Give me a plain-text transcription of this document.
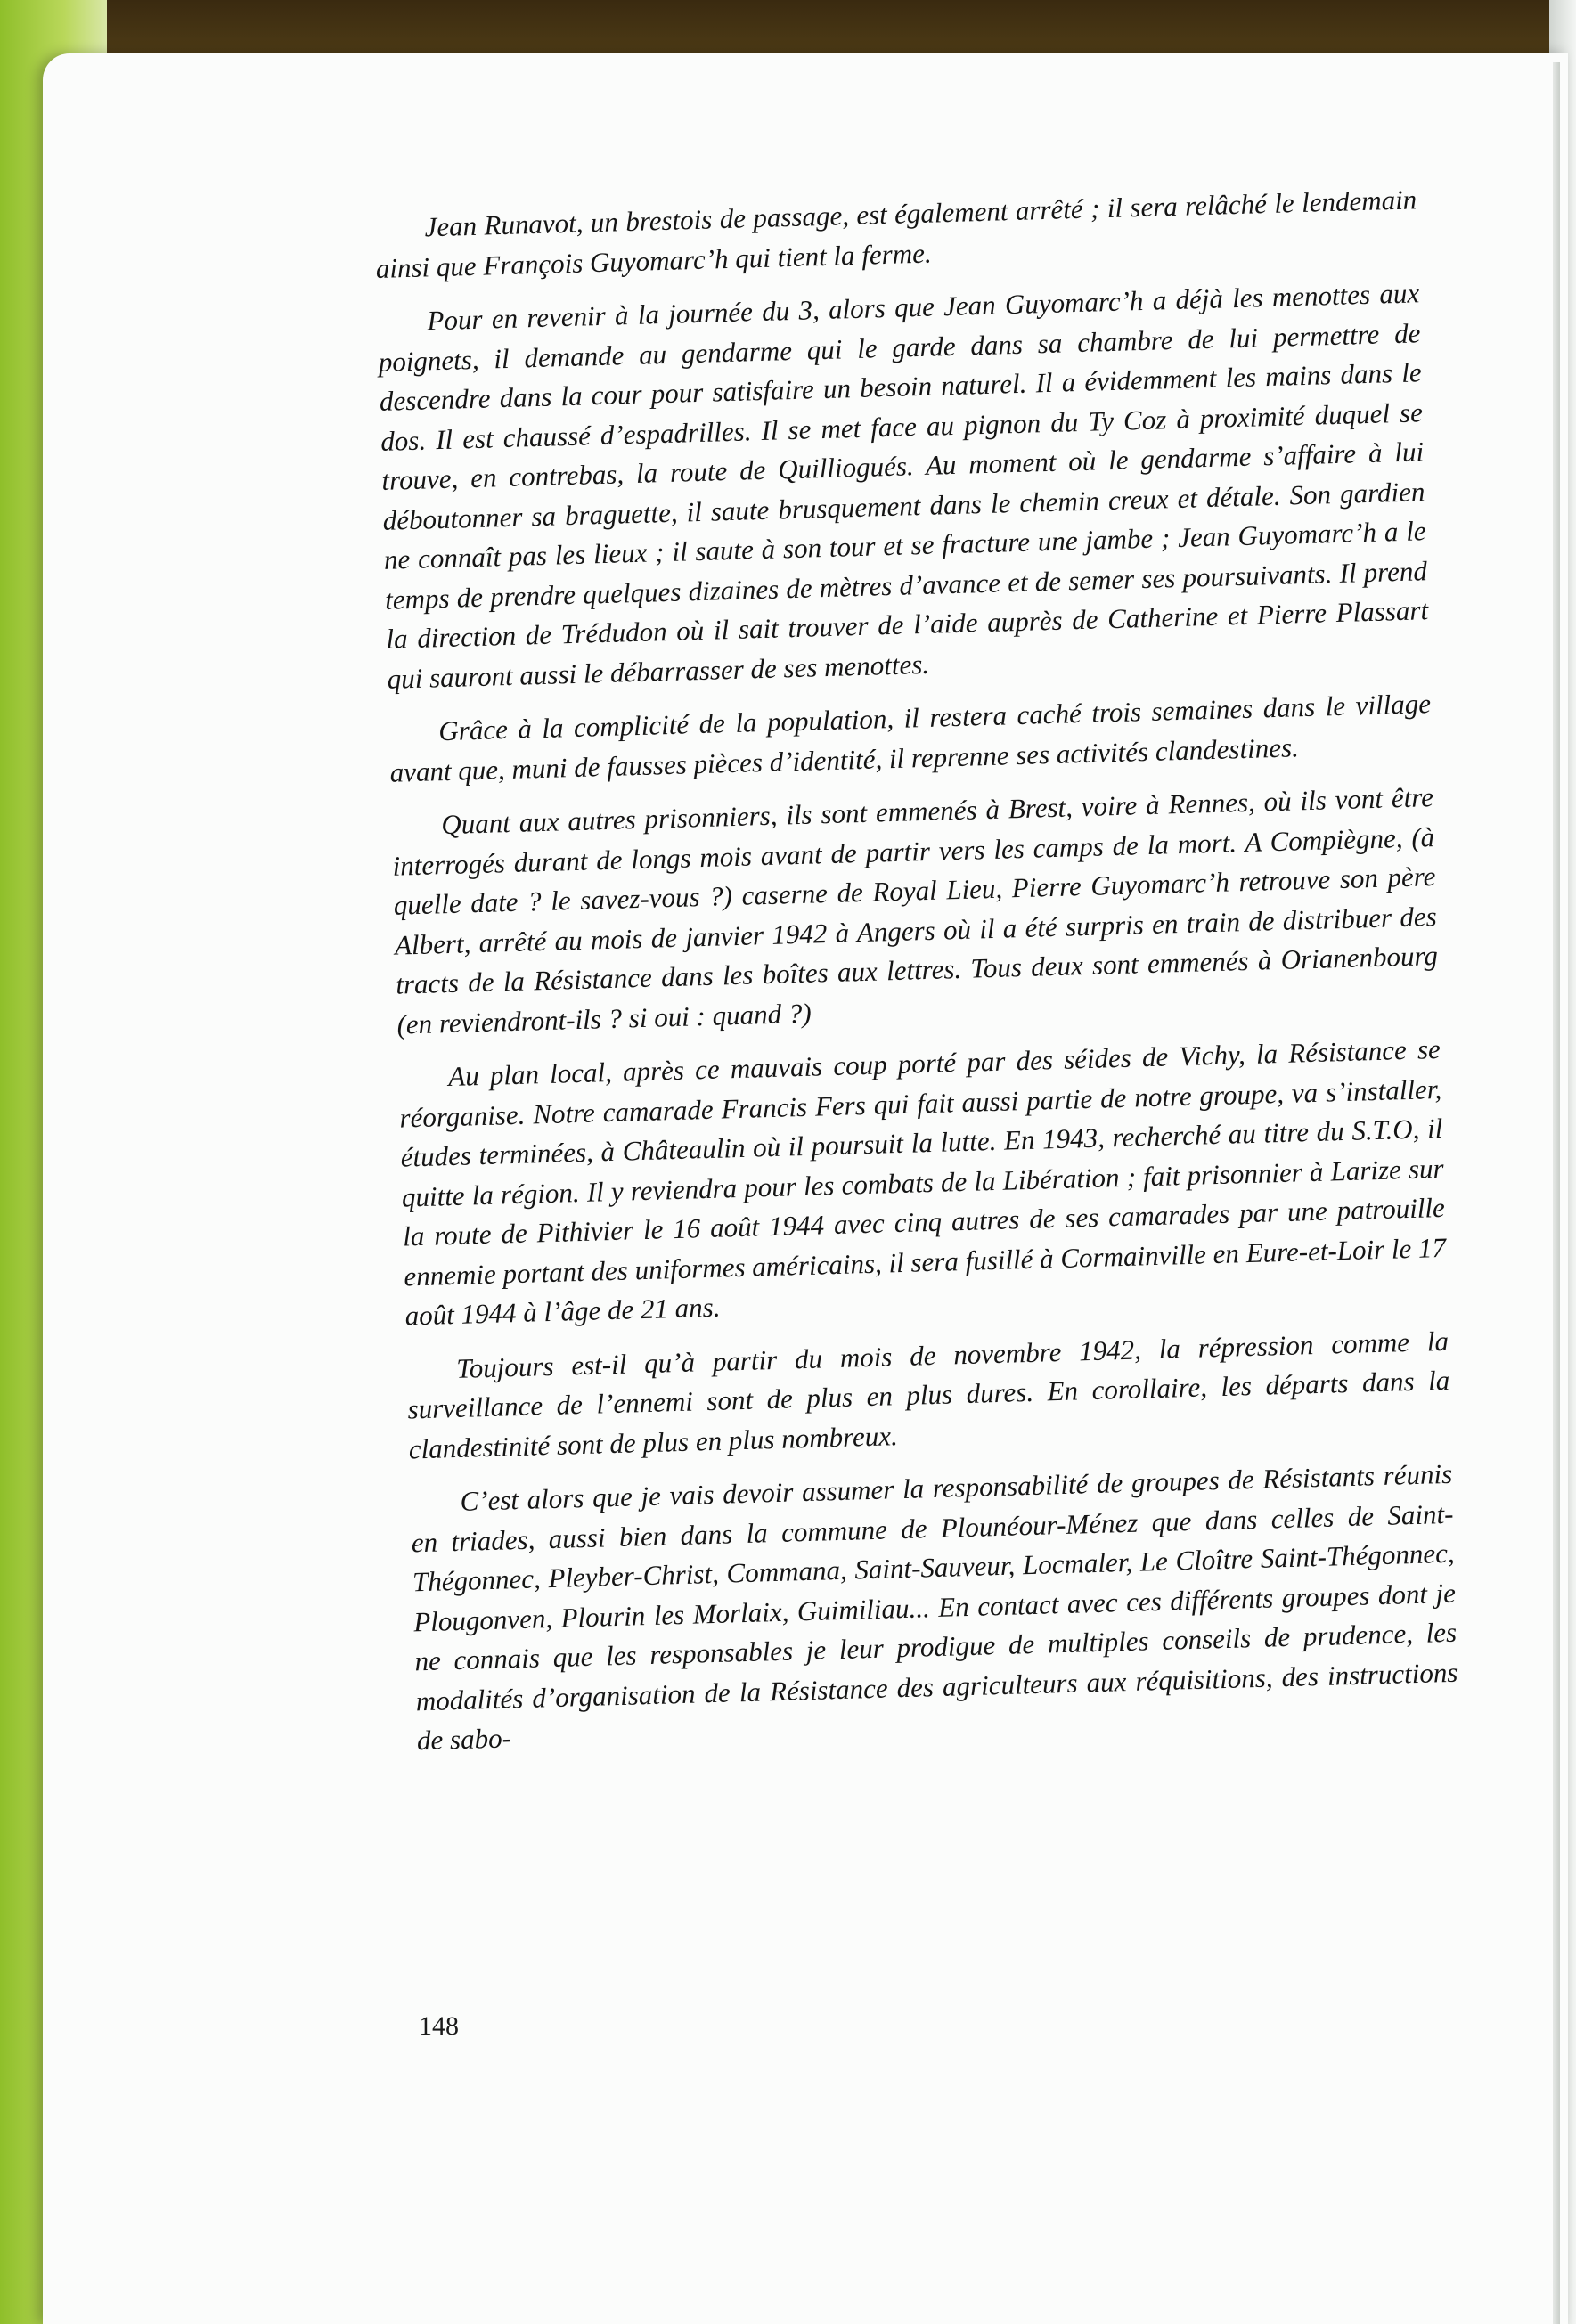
Jean Runavot, un brestois de passage, est également arrêté ; il sera relâché le lendemain ainsi que François Guyomarc’h qui tient la ferme.

Pour en revenir à la journée du 3, alors que Jean Guyomarc’h a déjà les menottes aux poignets, il demande au gendarme qui le garde dans sa chambre de lui permettre de descendre dans la cour pour satisfaire un besoin naturel. Il a évidemment les mains dans le dos. Il est chaussé d’espadrilles. Il se met face au pignon du Ty Coz à proximité duquel se trouve, en contrebas, la route de Quilliogués. Au moment où le gendarme s’affaire à lui déboutonner sa braguette, il saute brusquement dans le chemin creux et détale. Son gardien ne connaît pas les lieux ; il saute à son tour et se fracture une jambe ; Jean Guyomarc’h a le temps de prendre quelques dizaines de mètres d’avance et de semer ses poursuivants. Il prend la direction de Trédudon où il sait trouver de l’aide auprès de Catherine et Pierre Plassart qui sauront aussi le débarrasser de ses menottes.

Grâce à la complicité de la population, il restera caché trois semaines dans le village avant que, muni de fausses pièces d’identité, il reprenne ses activités clandestines.

Quant aux autres prisonniers, ils sont emmenés à Brest, voire à Rennes, où ils vont être interrogés durant de longs mois avant de partir vers les camps de la mort. A Compiègne, (à quelle date ? le savez-vous ?) caserne de Royal Lieu, Pierre Guyomarc’h retrouve son père Albert, arrêté au mois de janvier 1942 à Angers où il a été surpris en train de distribuer des tracts de la Résistance dans les boîtes aux lettres. Tous deux sont emmenés à Orianenbourg (en reviendront-ils ? si oui : quand ?)

Au plan local, après ce mauvais coup porté par des séides de Vichy, la Résistance se réorganise. Notre camarade Francis Fers qui fait aussi partie de notre groupe, va s’installer, études terminées, à Châteaulin où il poursuit la lutte. En 1943, recherché au titre du S.T.O, il quitte la région. Il y reviendra pour les combats de la Libération ; fait prisonnier à Larize sur la route de Pithivier le 16 août 1944 avec cinq autres de ses camarades par une patrouille ennemie portant des uniformes américains, il sera fusillé à Cormainville en Eure-et-Loir le 17 août 1944 à l’âge de 21 ans.

Toujours est-il qu’à partir du mois de novembre 1942, la répression comme la surveillance de l’ennemi sont de plus en plus dures. En corollaire, les départs dans la clandestinité sont de plus en plus nombreux.

C’est alors que je vais devoir assumer la responsabilité de groupes de Résistants réunis en triades, aussi bien dans la commune de Plounéour-Ménez que dans celles de Saint-Thégonnec, Pleyber-Christ, Commana, Saint-Sauveur, Locmaler, Le Cloître Saint-Thégonnec, Plougonven, Plourin les Morlaix, Guimiliau... En contact avec ces différents groupes dont je ne connais que les responsables je leur prodigue de multiples conseils de prudence, les modalités d’organisation de la Résistance des agriculteurs aux réquisitions, des instructions de sabo-

148
